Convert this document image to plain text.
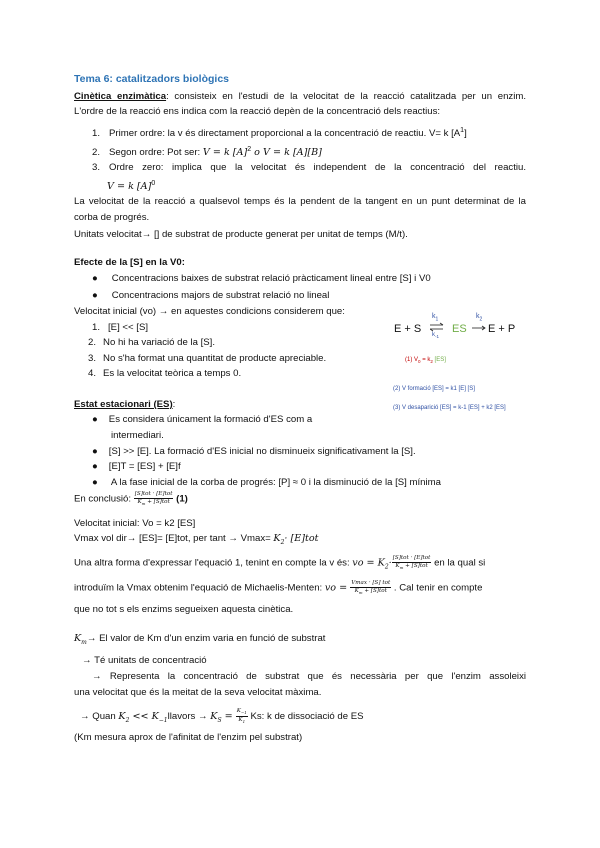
Tema 6: catalitzadors biològics
Cinètica enzimàtica: consisteix en l'estudi de la velocitat de la reacció catalitzada per un enzim.
L'ordre de la reacció ens indica com la reacció depèn de la concentració dels reactius:
1. Primer ordre: la v és directament proporcional a la concentració de reactiu. V= k $[A^1]$
2. Segon ordre: Pot ser: V = k $[A]^2$ o V = k [A][B]
3. Ordre zero: implica que la velocitat és independent de la concentració del reactiu.
V = k $[A]^0$
La velocitat de la reacció a qualsevol temps és la pendent de la tangent en un punt determinat de la
corba de progrés.
Unitats velocitat→ [] de substrat de producte generat per unitat de temps (M/t).
Efecte de la [S] en la V0:
● Concentracions baixes de substrat relació pràcticament lineal entre [S] i V0
● Concentracions majors de substrat relació no lineal
Velocitat inicial (vo) → en aquestes condicions considerem que:
1. [E] << [S]
2. No hi ha variació de la [S].
3. No s'ha format una quantitat de producte apreciable.
4. Es la velocitat teòrica a temps 0.
E + S
$k_1$
$k_{-1}$
ES
$k_2$
E + P
(1) $V_0 = k_2$ [ES]
(2) V formació [ES] = k1 [E] [S]
(3) V desaparició [ES] = k-1 [ES] + k2 [ES]
Estat estacionari (ES):
● Es considera únicament la formació d'ES com a
intermediari.
● [S] >> [E]. La formació d'ES inicial no disminueix significativament la [S].
● [E]T = [ES] + [E]f
● A la fase inicial de la corba de progrés: [P] ≈ 0 i la disminució de la [S] mínima
En conclusió: $\frac{\text{[S]tot · [E]tot}}{K_m + [S]tot} (1)$
Velocitat inicial: Vo = k2 [ES]
Vmax vol dir→ [ES]= [E]tot, per $\tan t \to Vmax= K_2\cdot [E]tot$
Una altra forma d'expressar l'equació 1, tenint en compte la v és: vo = $K_2\cdot \frac{\text{[S]tot · [E]tot}}{K_m + [S]tot}$ en la qual si
introduïm la Vmax obtenim l'equació de Michaelis-Menten: vo = $\frac{\text{Vmax · [S] tot}}{K_m + [S]tot}$ . Cal tenir en compte
que no tot s els enzims segueixen aquesta cinètica.
$K_m\to El$ valor de Km d'un enzim varia en funció de substrat
→ Té unitats de concentració
→ Representa la concentració de substrat que és necessària per que l'enzim assoleixi
una velocitat que és la meitat de la seva velocitat màxima.
→ Quan $K_2$ << $K_{-1}llavors \to K_S = \frac{K_{-1}}{K_1} Ks$: k de dissociació de ES
(Km mesura aprox de l'afinitat de l'enzim pel substrat)
